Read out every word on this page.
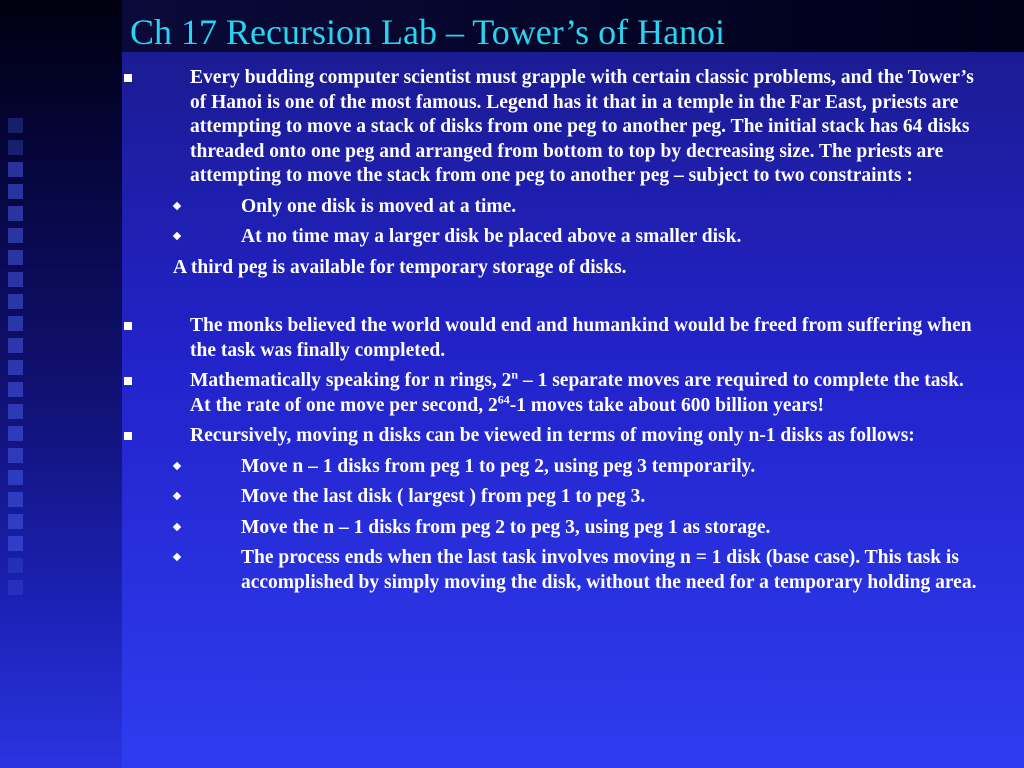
Ch 17 Recursion Lab – Tower’s of Hanoi
Every budding computer scientist must grapple with certain classic problems, and the Tower’s of Hanoi is one of the most famous. Legend has it that in a temple in the Far East, priests are attempting to move a stack of disks from one peg to another peg. The initial stack has 64 disks threaded onto one peg and arranged from bottom to top by decreasing size. The priests are attempting to move the stack from one peg to another peg – subject to two constraints :
Only one disk is moved at a time.
At no time may a larger disk be placed above a smaller disk.
A third peg is available for temporary storage of disks.
The monks believed the world would end and humankind would be freed from suffering when the task was finally completed.
Mathematically speaking for n rings, 2$^n$ – 1 separate moves are required to complete the task. At the rate of one move per second, $2^{64}-1$ moves take about 600 billion years!
Recursively, moving n disks can be viewed in terms of moving only n-1 disks as follows:
Move n – 1 disks from peg 1 to peg 2, using peg 3 temporarily.
Move the last disk ( largest ) from peg 1 to peg 3.
Move the n – 1 disks from peg 2 to peg 3, using peg 1 as storage.
The process ends when the last task involves moving n = 1 disk (base case). This task is accomplished by simply moving the disk, without the need for a temporary holding area.
